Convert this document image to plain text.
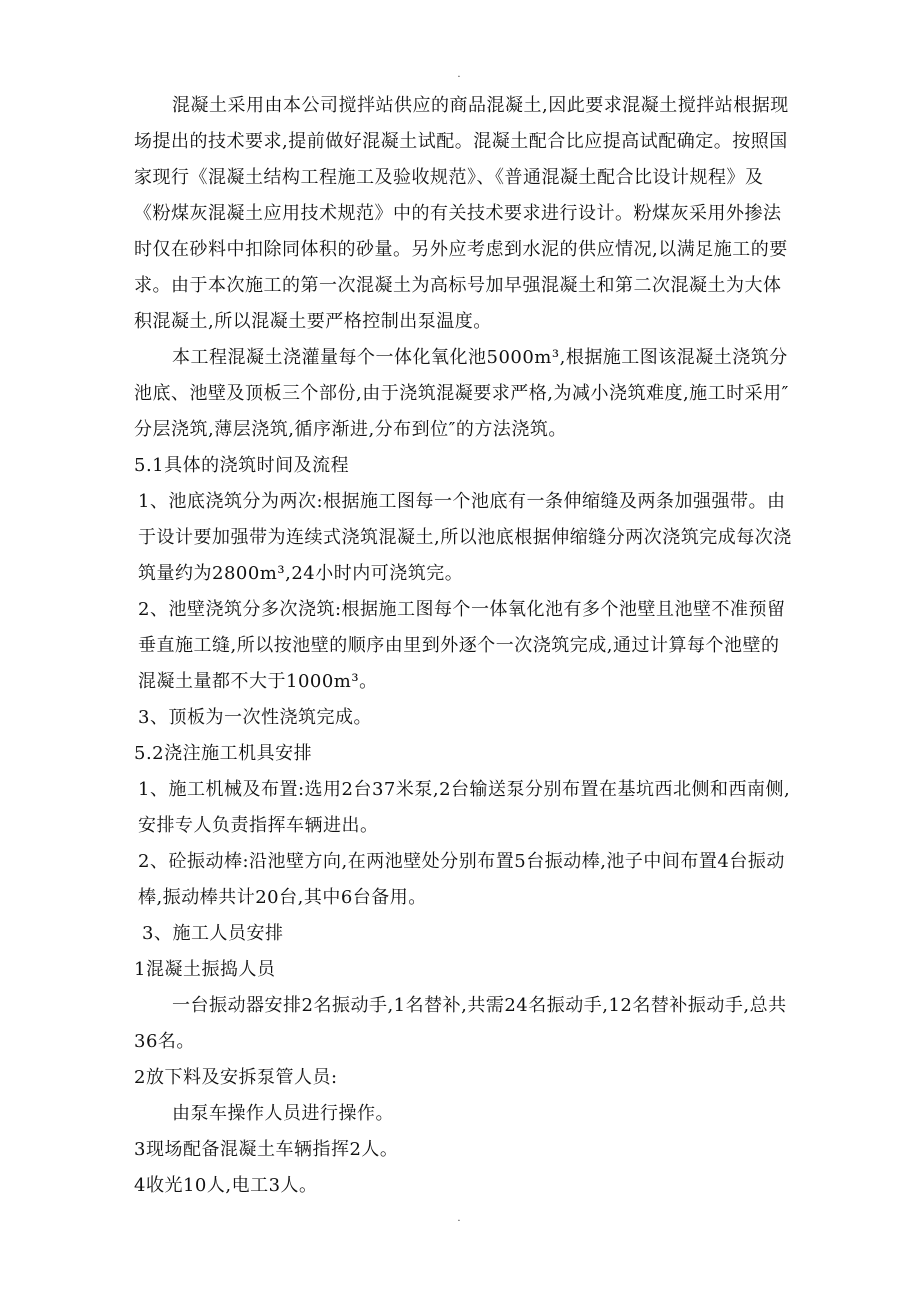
.

混凝土采用由本公司搅拌站供应的商品混凝土,因此要求混凝土搅拌站根据现场提出的技术要求,提前做好混凝土试配。混凝土配合比应提高试配确定。按照国家现行《混凝土结构工程施工及验收规范》、《普通混凝土配合比设计规程》及《粉煤灰混凝土应用技术规范》中的有关技术要求进行设计。粉煤灰采用外掺法时仅在砂料中扣除同体积的砂量。另外应考虑到水泥的供应情况,以满足施工的要求。由于本次施工的第一次混凝土为高标号加早强混凝土和第二次混凝土为大体积混凝土,所以混凝土要严格控制出泵温度。

本工程混凝土浇灌量每个一体化氧化池5000m³,根据施工图该混凝土浇筑分池底、池壁及顶板三个部份,由于浇筑混凝要求严格,为减小浇筑难度,施工时采用″分层浇筑,薄层浇筑,循序渐进,分布到位″的方法浇筑。

5.1具体的浇筑时间及流程

1、池底浇筑分为两次:根据施工图每一个池底有一条伸缩缝及两条加强强带。由于设计要加强带为连续式浇筑混凝土,所以池底根据伸缩缝分两次浇筑完成每次浇筑量约为2800m³,24小时内可浇筑完。

2、池壁浇筑分多次浇筑:根据施工图每个一体氧化池有多个池壁且池壁不准预留垂直施工缝,所以按池壁的顺序由里到外逐个一次浇筑完成,通过计算每个池壁的混凝土量都不大于1000m³。

3、顶板为一次性浇筑完成。

5.2浇注施工机具安排

1、施工机械及布置:选用2台37米泵,2台输送泵分别布置在基坑西北侧和西南侧,安排专人负责指挥车辆进出。

2、砼振动棒:沿池壁方向,在两池壁处分别布置5台振动棒,池子中间布置4台振动棒,振动棒共计20台,其中6台备用。

3、施工人员安排

1混凝土振捣人员

一台振动器安排2名振动手,1名替补,共需24名振动手,12名替补振动手,总共36名。

2放下料及安拆泵管人员:

由泵车操作人员进行操作。

3现场配备混凝土车辆指挥2人。

4收光10人,电工3人。

.
